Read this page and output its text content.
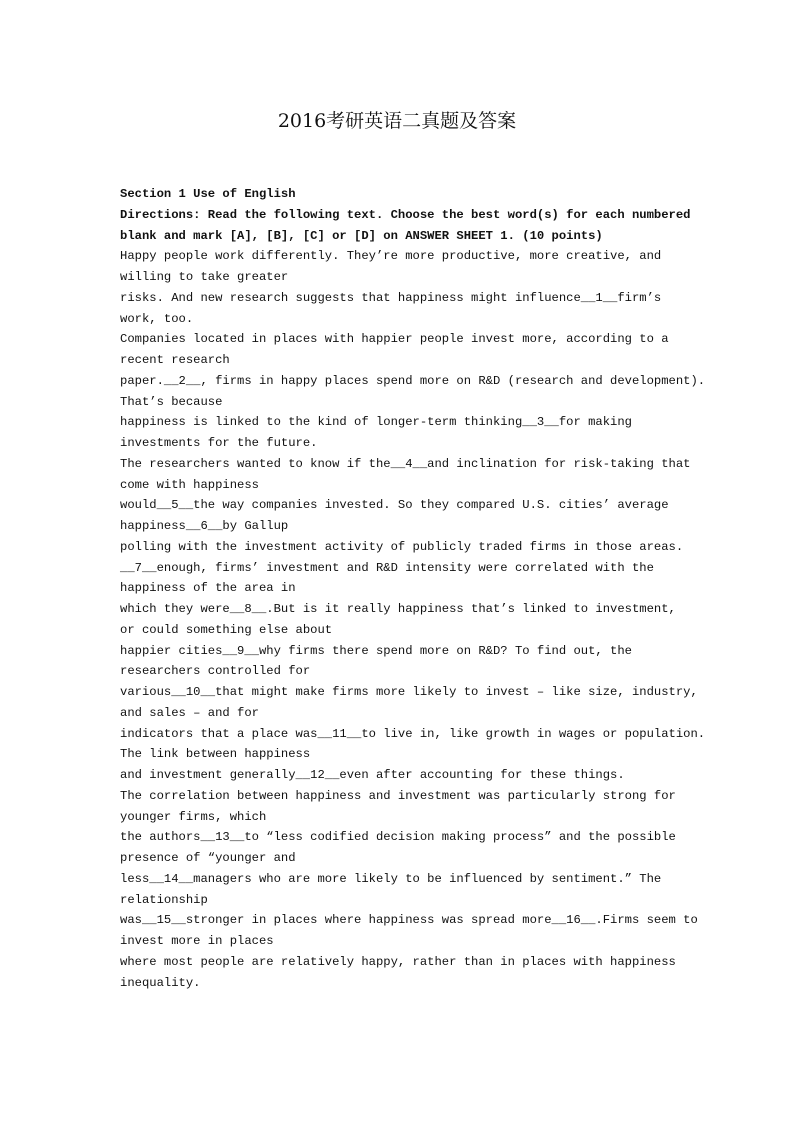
2016考研英语二真题及答案
Section 1 Use of English
Directions: Read the following text. Choose the best word(s) for each numbered
blank and mark [A], [B], [C] or [D] on ANSWER SHEET 1. (10 points)
Happy people work differently. They’re more productive, more creative, and
willing to take greater
risks. And new research suggests that happiness might influence__1__firm’s
work, too.
Companies located in places with happier people invest more, according to a
recent research
paper.__2__, firms in happy places spend more on R&D (research and development).
That’s because
happiness is linked to the kind of longer-term thinking__3__for making
investments for the future.
The researchers wanted to know if the__4__and inclination for risk-taking that
come with happiness
would__5__the way companies invested. So they compared U.S. cities’ average
happiness__6__by Gallup
polling with the investment activity of publicly traded firms in those areas.
__7__enough, firms’ investment and R&D intensity were correlated with the
happiness of the area in
which they were__8__.But is it really happiness that’s linked to investment,
or could something else about
happier cities__9__why firms there spend more on R&D? To find out, the
researchers controlled for
various__10__that might make firms more likely to invest – like size, industry,
and sales – and for
indicators that a place was__11__to live in, like growth in wages or population.
The link between happiness
and investment generally__12__even after accounting for these things.
The correlation between happiness and investment was particularly strong for
younger firms, which
the authors__13__to “less codified decision making process” and the possible
presence of “younger and
less__14__managers who are more likely to be influenced by sentiment.” The
relationship
was__15__stronger in places where happiness was spread more__16__.Firms seem to
invest more in places
where most people are relatively happy, rather than in places with happiness
inequality.
